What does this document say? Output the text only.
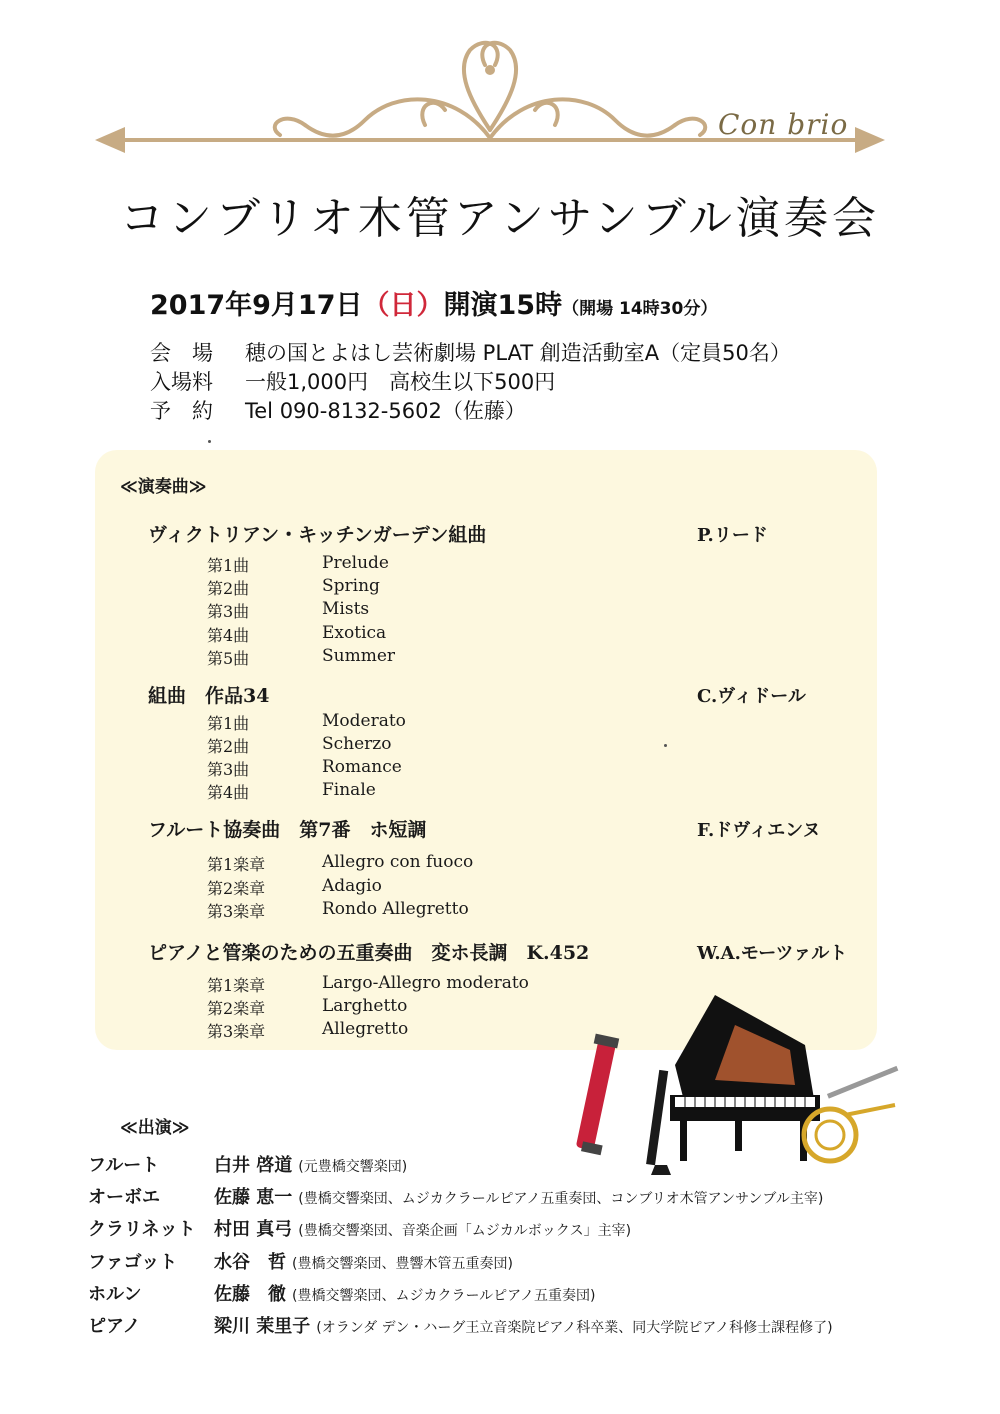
Con brio
コンブリオ木管アンサンブル演奏会
2017年9月17日（日）開演15時（開場 14時30分）
会　場 穂の国とよはし芸術劇場 PLAT 創造活動室A（定員50名）
入場料 一般1,000円　高校生以下500円
予　約 Tel 090-8132-5602（佐藤）
≪演奏曲≫
ヴィクトリアン・キッチンガーデン組曲	P.リード
第1曲	Prelude
第2曲	Spring
第3曲	Mists
第4曲	Exotica
第5曲	Summer
組曲　作品34	C.ヴィドール
第1曲	Moderato
第2曲	Scherzo
第3曲	Romance
第4曲	Finale
フルート協奏曲　第7番　ホ短調	F.ドヴィエンヌ
第1楽章	Allegro con fuoco
第2楽章	Adagio
第3楽章	Rondo Allegretto
ピアノと管楽のための五重奏曲　変ホ長調　K.452	W.A.モーツァルト
第1楽章	Largo-Allegro moderato
第2楽章	Larghetto
第3楽章	Allegretto
≪出演≫
フルート	白井 啓道 (元豊橋交響楽団)
オーボエ	佐藤 恵一 (豊橋交響楽団、ムジカクラールピアノ五重奏団、コンブリオ木管アンサンブル主宰)
クラリネット 村田 真弓 (豊橋交響楽団、音楽企画「ムジカルボックス」主宰)
ファゴット 水谷　哲 (豊橋交響楽団、豊響木管五重奏団)
ホルン	佐藤　徹 (豊橋交響楽団、ムジカクラールピアノ五重奏団)
ピアノ	梁川 茉里子 (オランダ デン・ハーグ王立音楽院ピアノ科卒業、同大学院ピアノ科修士課程修了)
